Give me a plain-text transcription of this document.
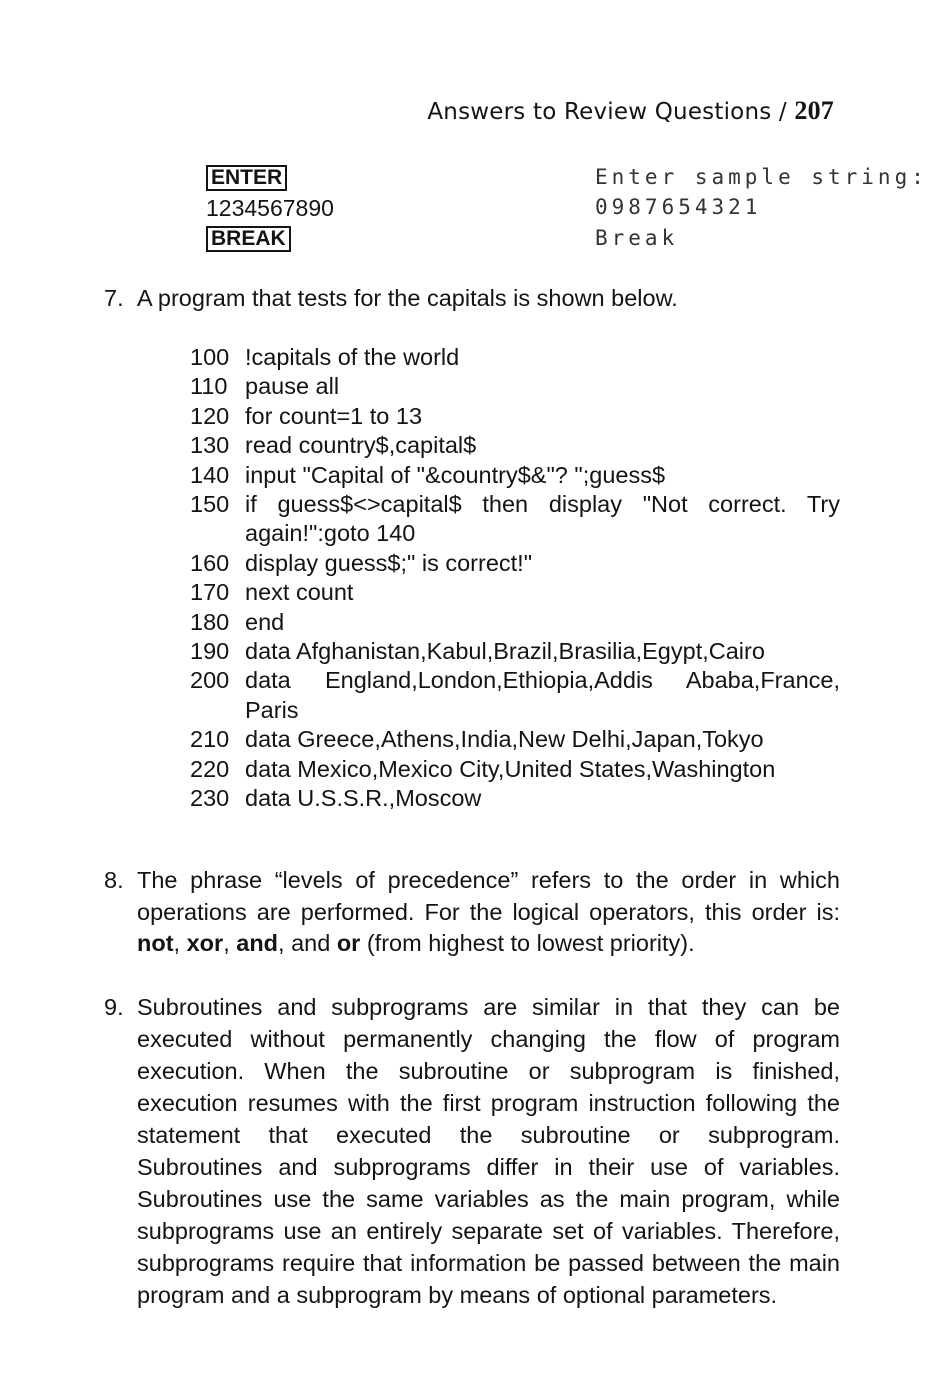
Answers to Review Questions / 207
ENTER	Enter sample string:
1234567890	0987654321
BREAK	Break
7. A program that tests for the capitals is shown below.
100 !capitals of the world
110 pause all
120 for count=1 to 13
130 read country$,capital$
140 input "Capital of "&country$&"? ";guess$
150 if guess$<>capital$ then display "Not correct. Try again!":goto 140
160 display guess$;" is correct!"
170 next count
180 end
190 data Afghanistan,Kabul,Brazil,Brasilia,Egypt,Cairo
200 data England,London,Ethiopia,Addis Ababa,France, Paris
210 data Greece,Athens,India,New Delhi,Japan,Tokyo
220 data Mexico,Mexico City,United States,Washington
230 data U.S.S.R.,Moscow
8. The phrase “levels of precedence” refers to the order in which operations are performed. For the logical operators, this order is: not, xor, and, and or (from highest to lowest priority).
9. Subroutines and subprograms are similar in that they can be executed without permanently changing the flow of program execution. When the subroutine or subprogram is finished, execution resumes with the first program instruction following the statement that executed the subroutine or subprogram. Subroutines and subprograms differ in their use of variables. Subroutines use the same variables as the main program, while subprograms use an entirely separate set of variables. Therefore, subprograms require that information be passed between the main program and a subprogram by means of optional parameters.
